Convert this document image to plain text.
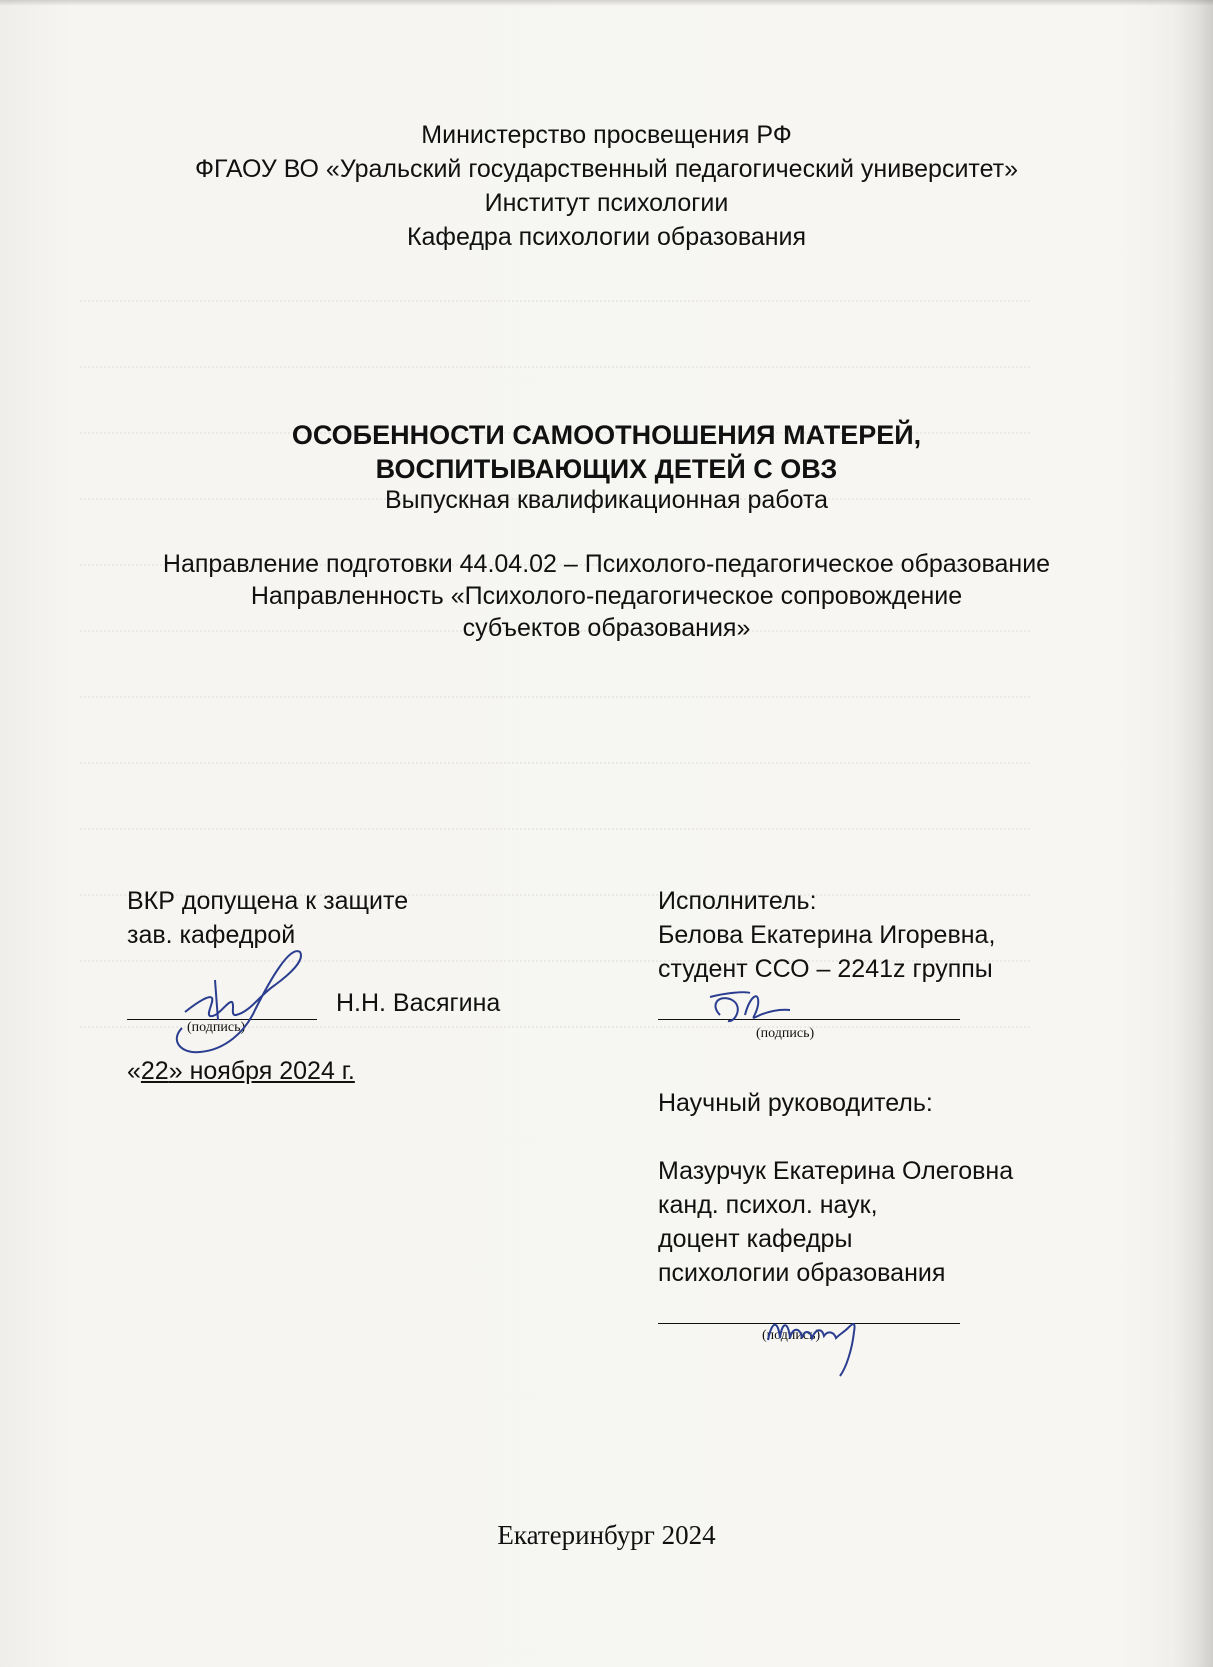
Министерство просвещения РФ
ФГАОУ ВО «Уральский государственный педагогический университет»
Институт психологии
Кафедра психологии образования
ОСОБЕННОСТИ САМООТНОШЕНИЯ МАТЕРЕЙ,
ВОСПИТЫВАЮЩИХ ДЕТЕЙ С ОВЗ
Выпускная квалификационная работа
Направление подготовки 44.04.02 – Психолого-педагогическое образование
Направленность «Психолого-педагогическое сопровождение
субъектов образования»
ВКР допущена к защите
зав. кафедрой
Н.Н. Васягина
(подпись)
«22» ноября 2024 г.
Исполнитель:
Белова Екатерина Игоревна,
студент ССО – 2241z группы
(подпись)
Научный руководитель:
Мазурчук Екатерина Олеговна
канд. психол. наук,
доцент кафедры
психологии образования
(подпись)
Екатеринбург 2024
